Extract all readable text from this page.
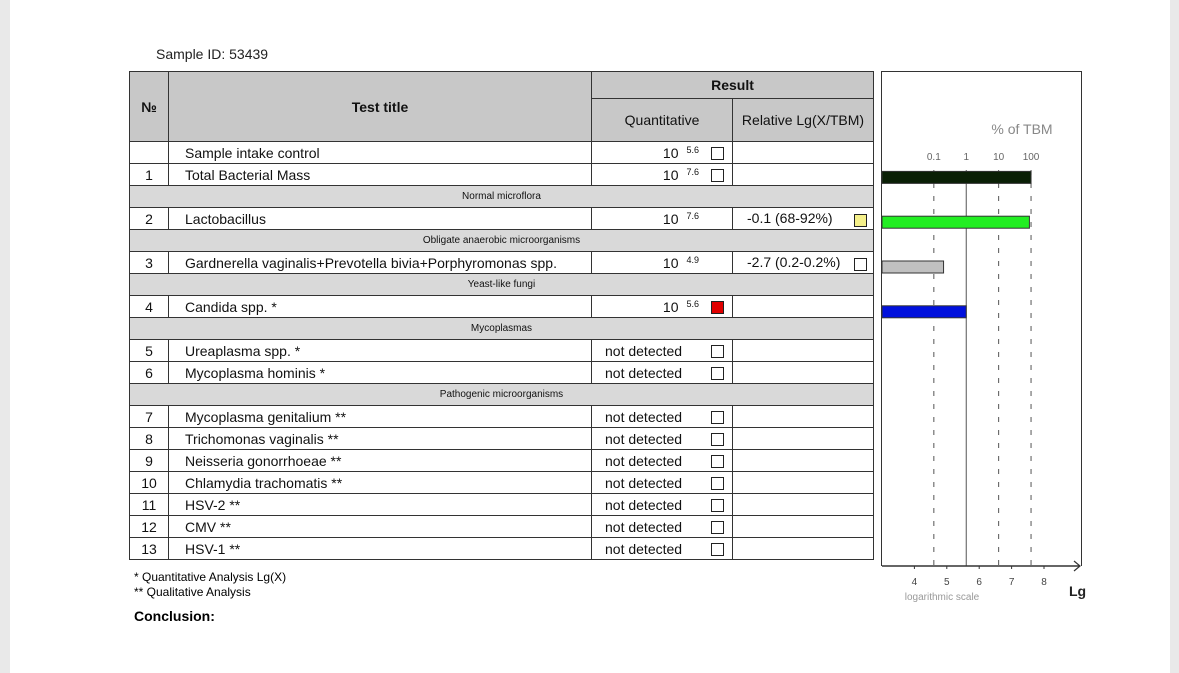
Sample ID: 53439
№	Test title	Result	
		Quantitative	Relative Lg(X/TBM)
	Sample intake control	10 $^{5.6}$	
1	Total Bacterial Mass	10 $^{7.6}$	
Normal microflora			
2	Lactobacillus	10 $^{7.6}$	-0.1 (68-92%)

Obligate anaerobic microorganisms			
3	Gardnerella vaginalis+Prevotella bivia+Porphyromonas spp.	10 $^{4.9}$	-2.7 (0.2-0.2%)

Yeast-like fungi			
4	Candida spp. *	10 $^{5.6}$	
Mycoplasmas			
5	Ureaplasma spp. *	not detected	
6	Mycoplasma hominis *	not detected	
Pathogenic microorganisms			
7	Mycoplasma genitalium **	not detected	
8	Trichomonas vaginalis **	not detected	
9	Neisseria gonorrhoeae **	not detected	
10	Chlamydia trachomatis **	not detected	
11	HSV-2 **	not detected	
12	CMV **	not detected	
13	HSV-1 **	not detected	
% of TBM
0.1 1 10 100
4	5	6	7	8
logarithmic scale	Lg
* Quantitative Analysis Lg(X)
** Qualitative Analysis
Conclusion:
